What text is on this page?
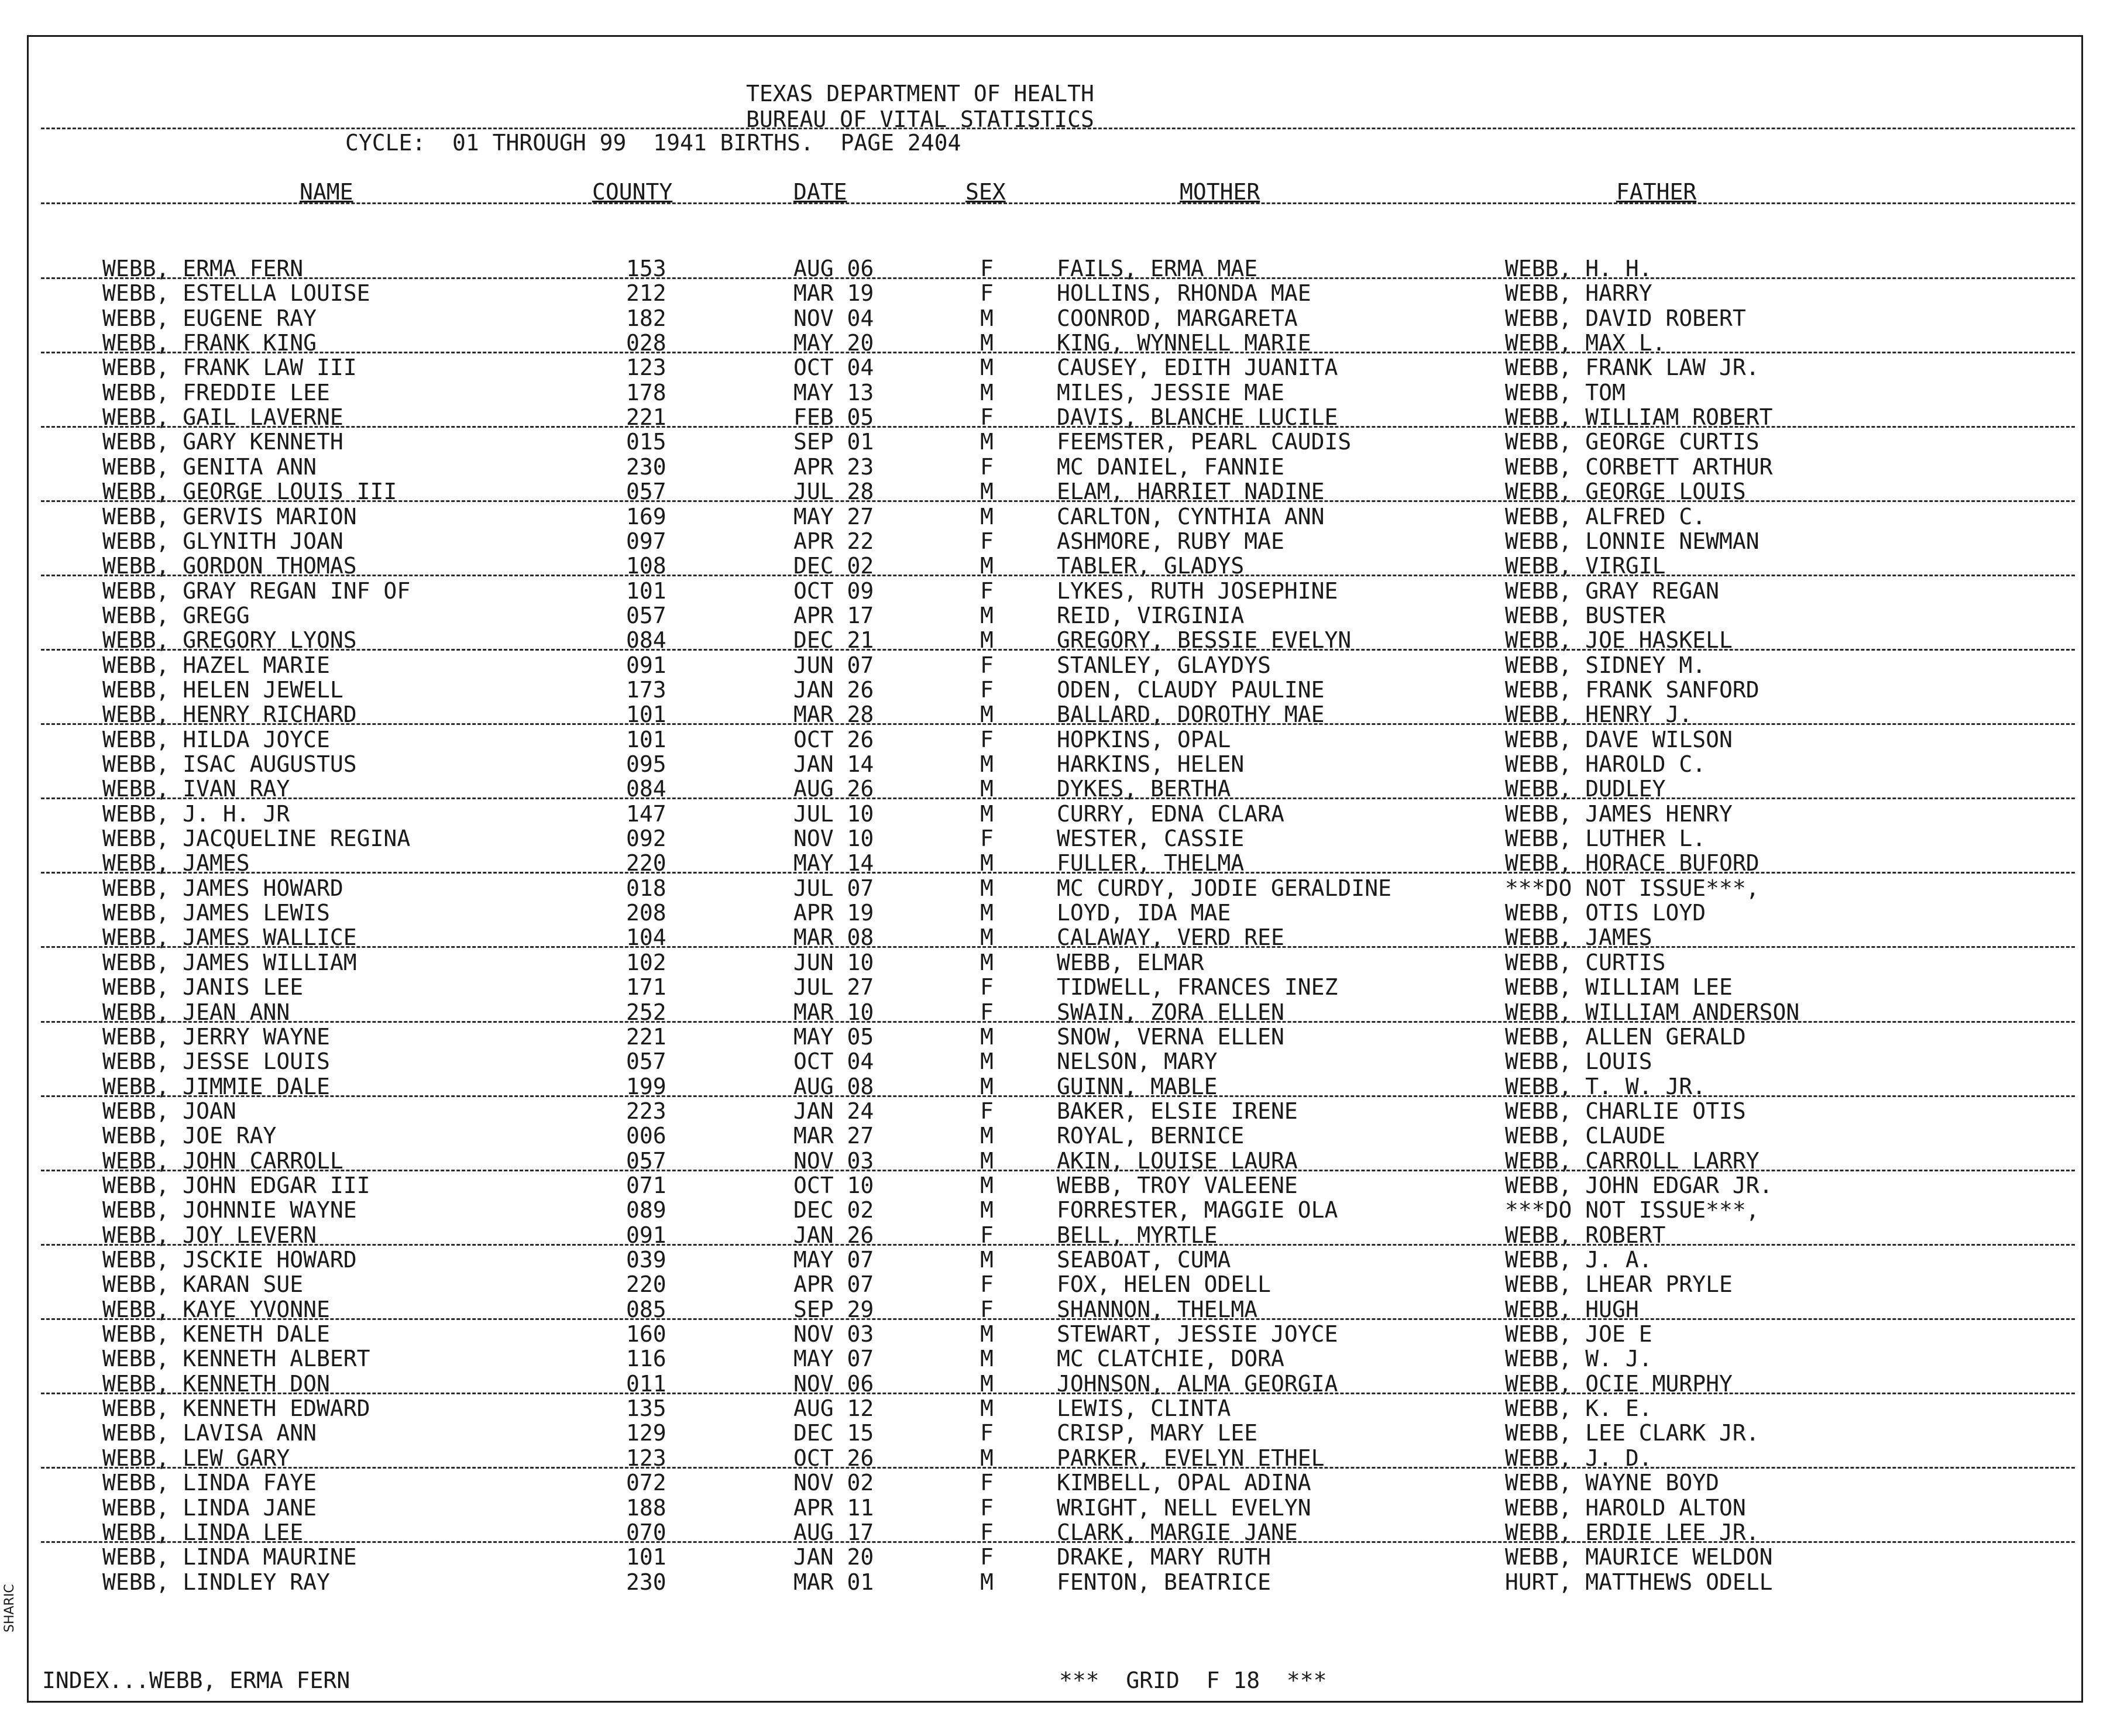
TEXAS DEPARTMENT OF HEALTH
BUREAU OF VITAL STATISTICS
CYCLE:  01 THROUGH 99  1941 BIRTHS.  PAGE 2404
NAME	COUNTY	DATE	SEX	MOTHER	FATHER
WEBB, ERMA FERN	153	AUG 06	F	FAILS, ERMA MAE	WEBB, H. H.
WEBB, ESTELLA LOUISE	212	MAR 19	F	HOLLINS, RHONDA MAE	WEBB, HARRY
WEBB, EUGENE RAY	182	NOV 04	M	COONROD, MARGARETA	WEBB, DAVID ROBERT
WEBB, FRANK KING	028	MAY 20	M	KING, WYNNELL MARIE	WEBB, MAX L.
WEBB, FRANK LAW III	123	OCT 04	M	CAUSEY, EDITH JUANITA	WEBB, FRANK LAW JR.
WEBB, FREDDIE LEE	178	MAY 13	M	MILES, JESSIE MAE	WEBB, TOM
WEBB, GAIL LAVERNE	221	FEB 05	F	DAVIS, BLANCHE LUCILE	WEBB, WILLIAM ROBERT
WEBB, GARY KENNETH	015	SEP 01	M	FEEMSTER, PEARL CAUDIS	WEBB, GEORGE CURTIS
WEBB, GENITA ANN	230	APR 23	F	MC DANIEL, FANNIE	WEBB, CORBETT ARTHUR
WEBB, GEORGE LOUIS III	057	JUL 28	M	ELAM, HARRIET NADINE	WEBB, GEORGE LOUIS
WEBB, GERVIS MARION	169	MAY 27	M	CARLTON, CYNTHIA ANN	WEBB, ALFRED C.
WEBB, GLYNITH JOAN	097	APR 22	F	ASHMORE, RUBY MAE	WEBB, LONNIE NEWMAN
WEBB, GORDON THOMAS	108	DEC 02	M	TABLER, GLADYS	WEBB, VIRGIL
WEBB, GRAY REGAN INF OF	101	OCT 09	F	LYKES, RUTH JOSEPHINE	WEBB, GRAY REGAN
WEBB, GREGG	057	APR 17	M	REID, VIRGINIA	WEBB, BUSTER
WEBB, GREGORY LYONS	084	DEC 21	M	GREGORY, BESSIE EVELYN	WEBB, JOE HASKELL
WEBB, HAZEL MARIE	091	JUN 07	F	STANLEY, GLAYDYS	WEBB, SIDNEY M.
WEBB, HELEN JEWELL	173	JAN 26	F	ODEN, CLAUDY PAULINE	WEBB, FRANK SANFORD
WEBB, HENRY RICHARD	101	MAR 28	M	BALLARD, DOROTHY MAE	WEBB, HENRY J.
WEBB, HILDA JOYCE	101	OCT 26	F	HOPKINS, OPAL	WEBB, DAVE WILSON
WEBB, ISAC AUGUSTUS	095	JAN 14	M	HARKINS, HELEN	WEBB, HAROLD C.
WEBB, IVAN RAY	084	AUG 26	M	DYKES, BERTHA	WEBB, DUDLEY
WEBB, J. H. JR	147	JUL 10	M	CURRY, EDNA CLARA	WEBB, JAMES HENRY
WEBB, JACQUELINE REGINA	092	NOV 10	F	WESTER, CASSIE	WEBB, LUTHER L.
WEBB, JAMES	220	MAY 14	M	FULLER, THELMA	WEBB, HORACE BUFORD
WEBB, JAMES HOWARD	018	JUL 07	M	MC CURDY, JODIE GERALDINE	***DO NOT ISSUE***,
WEBB, JAMES LEWIS	208	APR 19	M	LOYD, IDA MAE	WEBB, OTIS LOYD
WEBB, JAMES WALLICE	104	MAR 08	M	CALAWAY, VERD REE	WEBB, JAMES
WEBB, JAMES WILLIAM	102	JUN 10	M	WEBB, ELMAR	WEBB, CURTIS
WEBB, JANIS LEE	171	JUL 27	F	TIDWELL, FRANCES INEZ	WEBB, WILLIAM LEE
WEBB, JEAN ANN	252	MAR 10	F	SWAIN, ZORA ELLEN	WEBB, WILLIAM ANDERSON
WEBB, JERRY WAYNE	221	MAY 05	M	SNOW, VERNA ELLEN	WEBB, ALLEN GERALD
WEBB, JESSE LOUIS	057	OCT 04	M	NELSON, MARY	WEBB, LOUIS
WEBB, JIMMIE DALE	199	AUG 08	M	GUINN, MABLE	WEBB, T. W. JR.
WEBB, JOAN	223	JAN 24	F	BAKER, ELSIE IRENE	WEBB, CHARLIE OTIS
WEBB, JOE RAY	006	MAR 27	M	ROYAL, BERNICE	WEBB, CLAUDE
WEBB, JOHN CARROLL	057	NOV 03	M	AKIN, LOUISE LAURA	WEBB, CARROLL LARRY
WEBB, JOHN EDGAR III	071	OCT 10	M	WEBB, TROY VALEENE	WEBB, JOHN EDGAR JR.
WEBB, JOHNNIE WAYNE	089	DEC 02	M	FORRESTER, MAGGIE OLA	***DO NOT ISSUE***,
WEBB, JOY LEVERN	091	JAN 26	F	BELL, MYRTLE	WEBB, ROBERT
WEBB, JSCKIE HOWARD	039	MAY 07	M	SEABOAT, CUMA	WEBB, J. A.
WEBB, KARAN SUE	220	APR 07	F	FOX, HELEN ODELL	WEBB, LHEAR PRYLE
WEBB, KAYE YVONNE	085	SEP 29	F	SHANNON, THELMA	WEBB, HUGH
WEBB, KENETH DALE	160	NOV 03	M	STEWART, JESSIE JOYCE	WEBB, JOE E
WEBB, KENNETH ALBERT	116	MAY 07	M	MC CLATCHIE, DORA	WEBB, W. J.
WEBB, KENNETH DON	011	NOV 06	M	JOHNSON, ALMA GEORGIA	WEBB, OCIE MURPHY
WEBB, KENNETH EDWARD	135	AUG 12	M	LEWIS, CLINTA	WEBB, K. E.
WEBB, LAVISA ANN	129	DEC 15	F	CRISP, MARY LEE	WEBB, LEE CLARK JR.
WEBB, LEW GARY	123	OCT 26	M	PARKER, EVELYN ETHEL	WEBB, J. D.
WEBB, LINDA FAYE	072	NOV 02	F	KIMBELL, OPAL ADINA	WEBB, WAYNE BOYD
WEBB, LINDA JANE	188	APR 11	F	WRIGHT, NELL EVELYN	WEBB, HAROLD ALTON
WEBB, LINDA LEE	070	AUG 17	F	CLARK, MARGIE JANE	WEBB, ERDIE LEE JR.
WEBB, LINDA MAURINE	101	JAN 20	F	DRAKE, MARY RUTH	WEBB, MAURICE WELDON
WEBB, LINDLEY RAY	230	MAR 01	M	FENTON, BEATRICE	HURT, MATTHEWS ODELL
INDEX...WEBB, ERMA FERN	***  GRID  F 18  ***
SHARIC
